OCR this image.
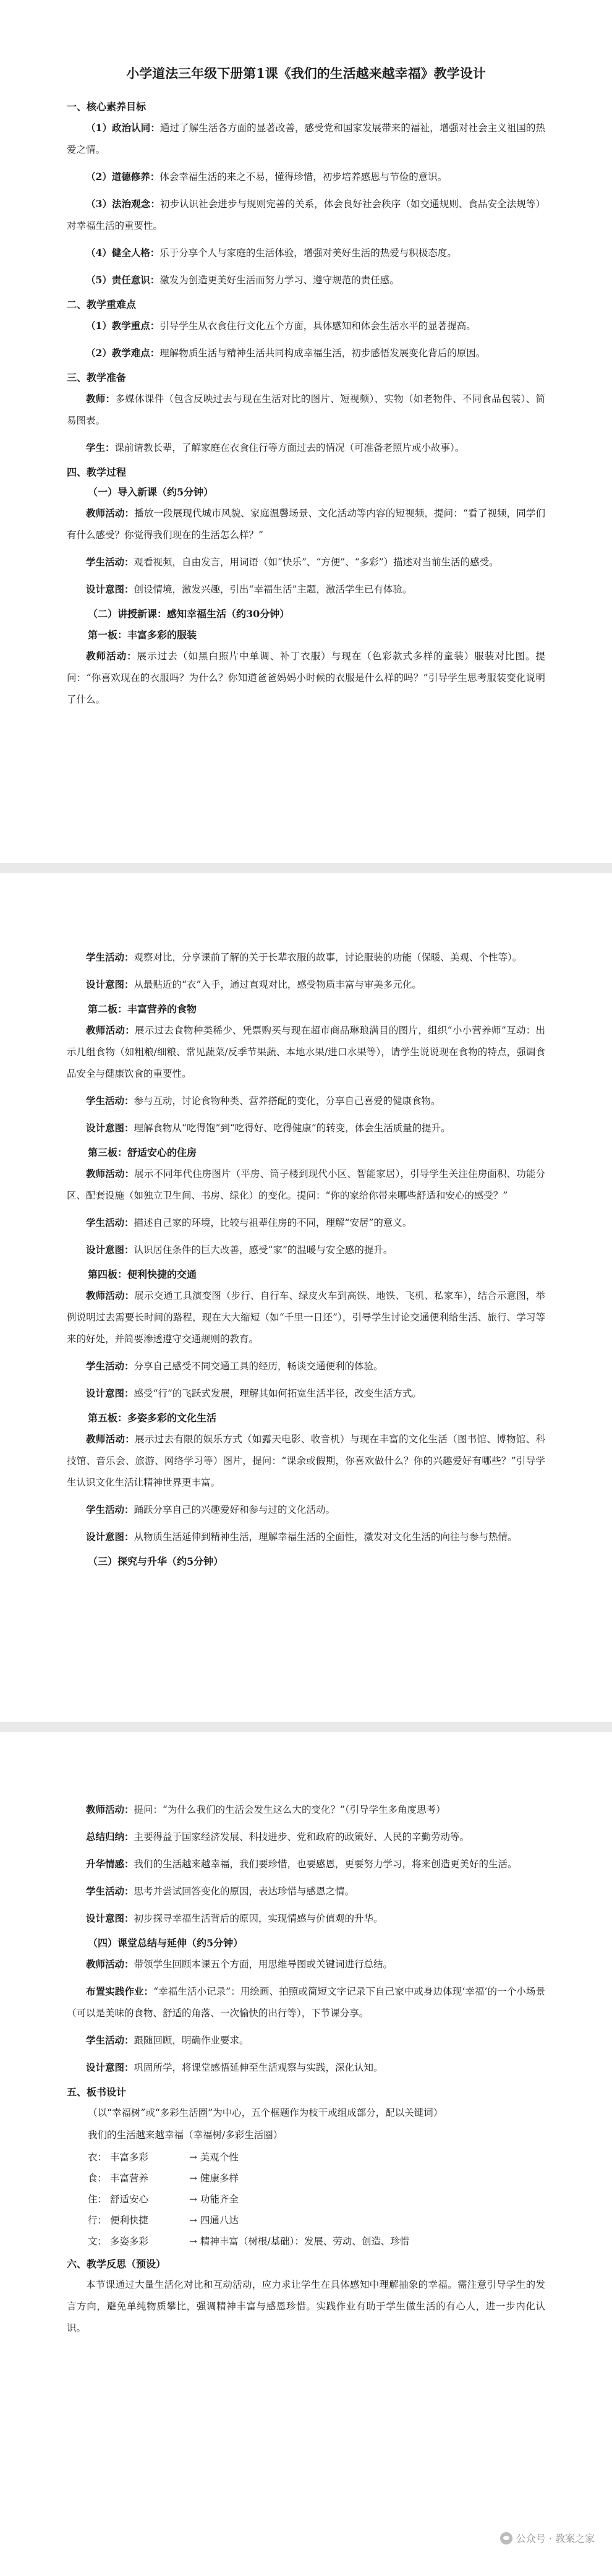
小学道法三年级下册第1课《我们的生活越来越幸福》教学设计
一、核心素养目标
（1）政治认同：通过了解生活各方面的显著改善，感受党和国家发展带来的福祉，增强对社会主义祖国的热爱之情。
（2）道德修养：体会幸福生活的来之不易，懂得珍惜，初步培养感恩与节俭的意识。
（3）法治观念：初步认识社会进步与规则完善的关系，体会良好社会秩序（如交通规则、食品安全法规等）对幸福生活的重要性。
（4）健全人格：乐于分享个人与家庭的生活体验，增强对美好生活的热爱与积极态度。
（5）责任意识：激发为创造更美好生活而努力学习、遵守规范的责任感。
二、教学重难点
（1）教学重点：引导学生从衣食住行文化五个方面，具体感知和体会生活水平的显著提高。
（2）教学难点：理解物质生活与精神生活共同构成幸福生活，初步感悟发展变化背后的原因。
三、教学准备
教师：多媒体课件（包含反映过去与现在生活对比的图片、短视频）、实物（如老物件、不同食品包装）、简易图表。
学生：课前请教长辈，了解家庭在衣食住行等方面过去的情况（可准备老照片或小故事）。
四、教学过程
（一）导入新课（约5分钟）
教师活动：播放一段展现代城市风貌、家庭温馨场景、文化活动等内容的短视频，提问：“看了视频，同学们有什么感受？你觉得我们现在的生活怎么样？”
学生活动：观看视频，自由发言，用词语（如“快乐”、“方便”、“多彩”）描述对当前生活的感受。
设计意图：创设情境，激发兴趣，引出“幸福生活”主题，激活学生已有体验。
（二）讲授新课：感知幸福生活（约30分钟）
第一板：丰富多彩的服装
教师活动：展示过去（如黑白照片中单调、补丁衣服）与现在（色彩款式多样的童装）服装对比图。提问：“你喜欢现在的衣服吗？为什么？你知道爸爸妈妈小时候的衣服是什么样的吗？”引导学生思考服装变化说明了什么。
学生活动：观察对比，分享课前了解的关于长辈衣服的故事，讨论服装的功能（保暖、美观、个性等）。
设计意图：从最贴近的“衣”入手，通过直观对比，感受物质丰富与审美多元化。
第二板：丰富营养的食物
教师活动：展示过去食物种类稀少、凭票购买与现在超市商品琳琅满目的图片，组织“小小营养师”互动：出示几组食物（如粗粮/细粮、常见蔬菜/反季节果蔬、本地水果/进口水果等），请学生说说现在食物的特点，强调食品安全与健康饮食的重要性。
学生活动：参与互动，讨论食物种类、营养搭配的变化，分享自己喜爱的健康食物。
设计意图：理解食物从“吃得饱”到“吃得好、吃得健康”的转变，体会生活质量的提升。
第三板：舒适安心的住房
教师活动：展示不同年代住房图片（平房、筒子楼到现代小区、智能家居），引导学生关注住房面积、功能分区、配套设施（如独立卫生间、书房、绿化）的变化。提问：“你的家给你带来哪些舒适和安心的感受？”
学生活动：描述自己家的环境，比较与祖辈住房的不同，理解“安居”的意义。
设计意图：认识居住条件的巨大改善，感受“家”的温暖与安全感的提升。
第四板：便利快捷的交通
教师活动：展示交通工具演变图（步行、自行车、绿皮火车到高铁、地铁、飞机、私家车），结合示意图，举例说明过去需要长时间的路程，现在大大缩短（如“千里一日还”），引导学生讨论交通便利给生活、旅行、学习等来的好处，并简要渗透遵守交通规则的教育。
学生活动：分享自己感受不同交通工具的经历，畅谈交通便利的体验。
设计意图：感受“行”的飞跃式发展，理解其如何拓宽生活半径，改变生活方式。
第五板：多姿多彩的文化生活
教师活动：展示过去有限的娱乐方式（如露天电影、收音机）与现在丰富的文化生活（图书馆、博物馆、科技馆、音乐会、旅游、网络学习等）图片，提问：“课余或假期，你喜欢做什么？你的兴趣爱好有哪些？”引导学生认识文化生活让精神世界更丰富。
学生活动：踊跃分享自己的兴趣爱好和参与过的文化活动。
设计意图：从物质生活延伸到精神生活，理解幸福生活的全面性，激发对文化生活的向往与参与热情。
（三）探究与升华（约5分钟）
教师活动：提问：“为什么我们的生活会发生这么大的变化？”（引导学生多角度思考）
总结归纳：主要得益于国家经济发展、科技进步、党和政府的政策好、人民的辛勤劳动等。
升华情感：我们的生活越来越幸福，我们要珍惜，也要感恩，更要努力学习，将来创造更美好的生活。
学生活动：思考并尝试回答变化的原因，表达珍惜与感恩之情。
设计意图：初步探寻幸福生活背后的原因，实现情感与价值观的升华。
（四）课堂总结与延伸（约5分钟）
教师活动：带领学生回顾本课五个方面，用思维导图或关键词进行总结。
布置实践作业：“幸福生活小记录”：用绘画、拍照或简短文字记录下自己家中或身边体现‘幸福’的一个小场景（可以是美味的食物、舒适的角落、一次愉快的出行等），下节课分享。
学生活动：跟随回顾，明确作业要求。
设计意图：巩固所学，将课堂感悟延伸至生活观察与实践，深化认知。
五、板书设计
（以“幸福树”或“多彩生活圈”为中心，五个框题作为枝干或组成部分，配以关键词）
我们的生活越来越幸福（幸福树/多彩生活圈）
衣： 丰富多彩	→ 美观个性
食： 丰富营养	→ 健康多样
住： 舒适安心	→ 功能齐全
行： 便利快捷	→ 四通八达
文： 多姿多彩	→ 精神丰富（树根/基础）：发展、劳动、创造、珍惜
六、教学反思（预设）
本节课通过大量生活化对比和互动活动，应力求让学生在具体感知中理解抽象的幸福。需注意引导学生的发言方向，避免单纯物质攀比，强调精神丰富与感恩珍惜。实践作业有助于学生做生活的有心人，进一步内化认识。
公众号 · 教案之家
